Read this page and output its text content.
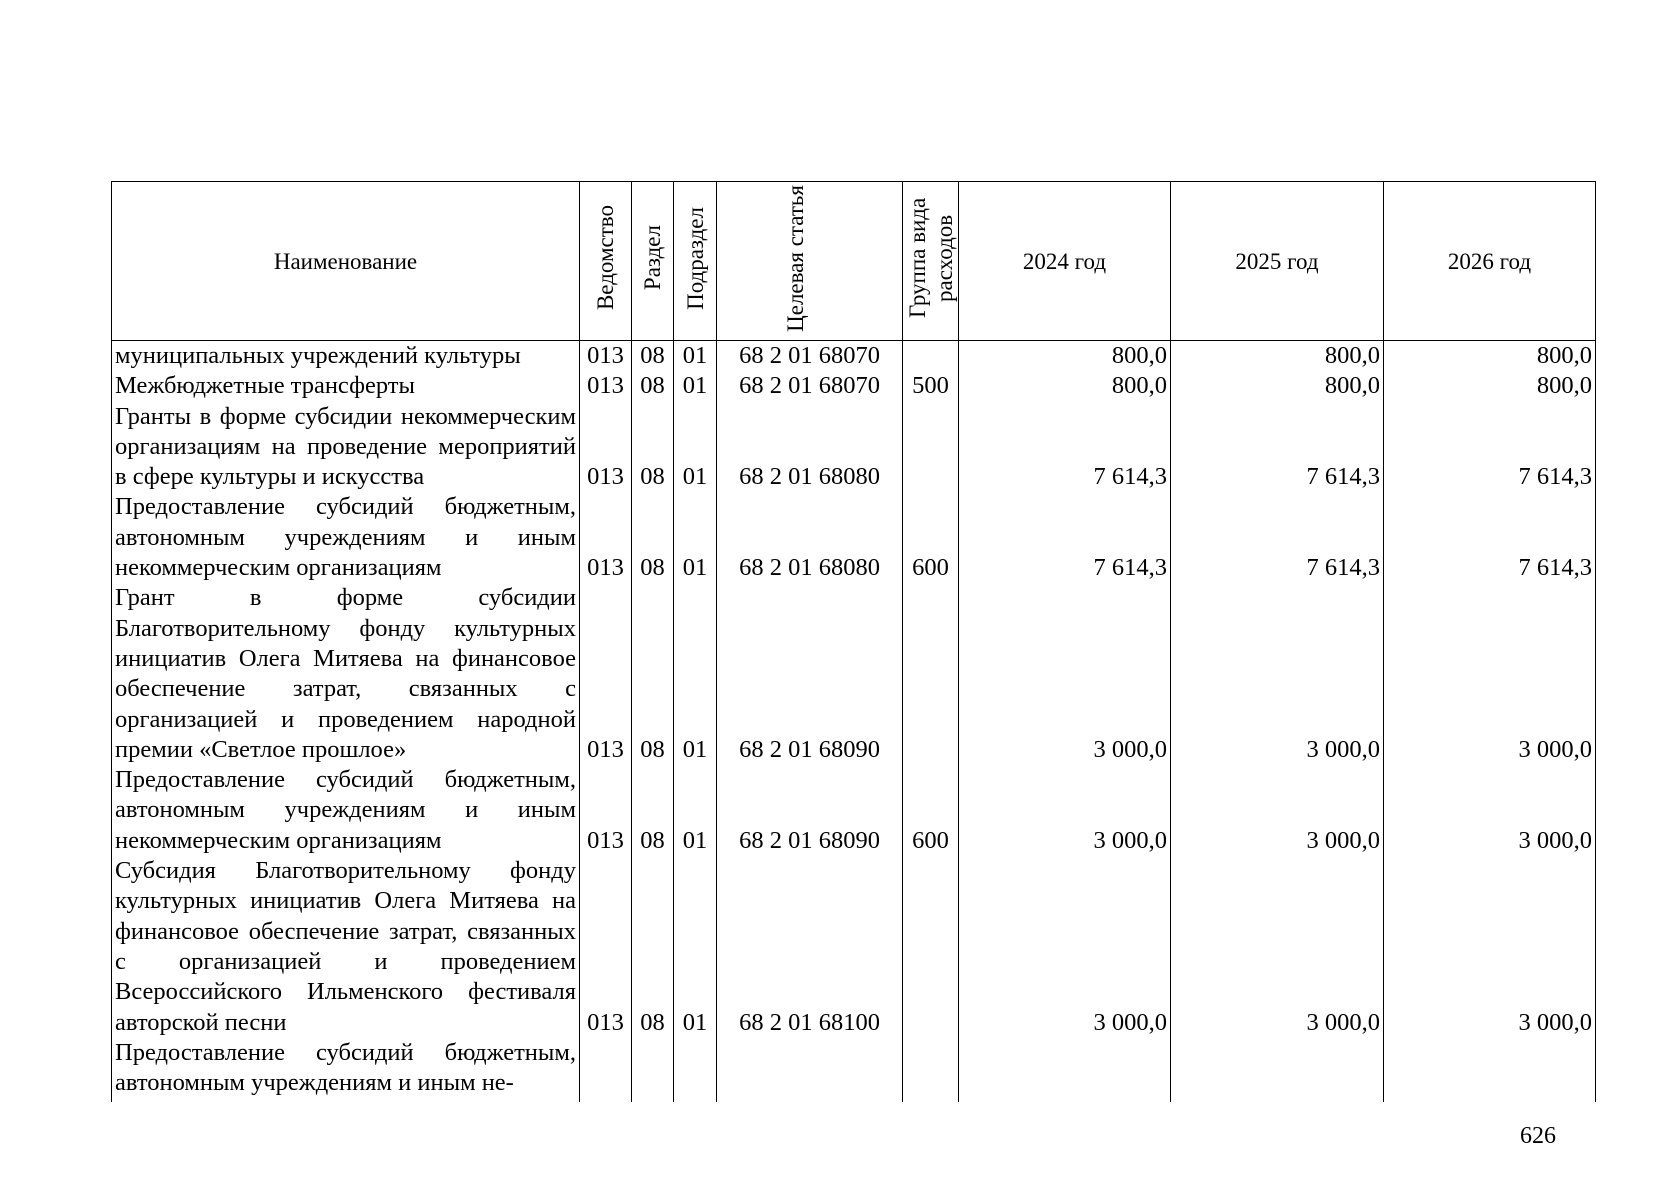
Наименование	Ведомство	Раздел	Подраздел	Целевая статья	Группа вида расходов	2024 год	2025 год	2026 год
муниципальных учреждений культуры	013	08	01	68 2 01 68070		800,0	800,0	800,0
Межбюджетные трансферты	013	08	01	68 2 01 68070	500	800,0	800,0	800,0
Гранты в форме субсидии некоммерческим организациям на проведение мероприятий в сфере культуры и искусства	013	08	01	68 2 01 68080		7 614,3	7 614,3	7 614,3
Предоставление субсидий бюджетным, автономным учреждениям и иным некоммерческим организациям	013	08	01	68 2 01 68080	600	7 614,3	7 614,3	7 614,3
Грант в форме субсидии Благотворительному фонду культурных инициатив Олега Митяева на финансовое обеспечение затрат, связанных с организацией и проведением народной премии «Светлое прошлое»	013	08	01	68 2 01 68090		3 000,0	3 000,0	3 000,0
Предоставление субсидий бюджетным, автономным учреждениям и иным некоммерческим организациям	013	08	01	68 2 01 68090	600	3 000,0	3 000,0	3 000,0
Субсидия Благотворительному фонду культурных инициатив Олега Митяева на финансовое обеспечение затрат, связанных с организацией и проведением Всероссийского Ильменского фестиваля авторской песни	013	08	01	68 2 01 68100		3 000,0	3 000,0	3 000,0
Предоставление субсидий бюджетным, автономным учреждениям и иным не-								
626
